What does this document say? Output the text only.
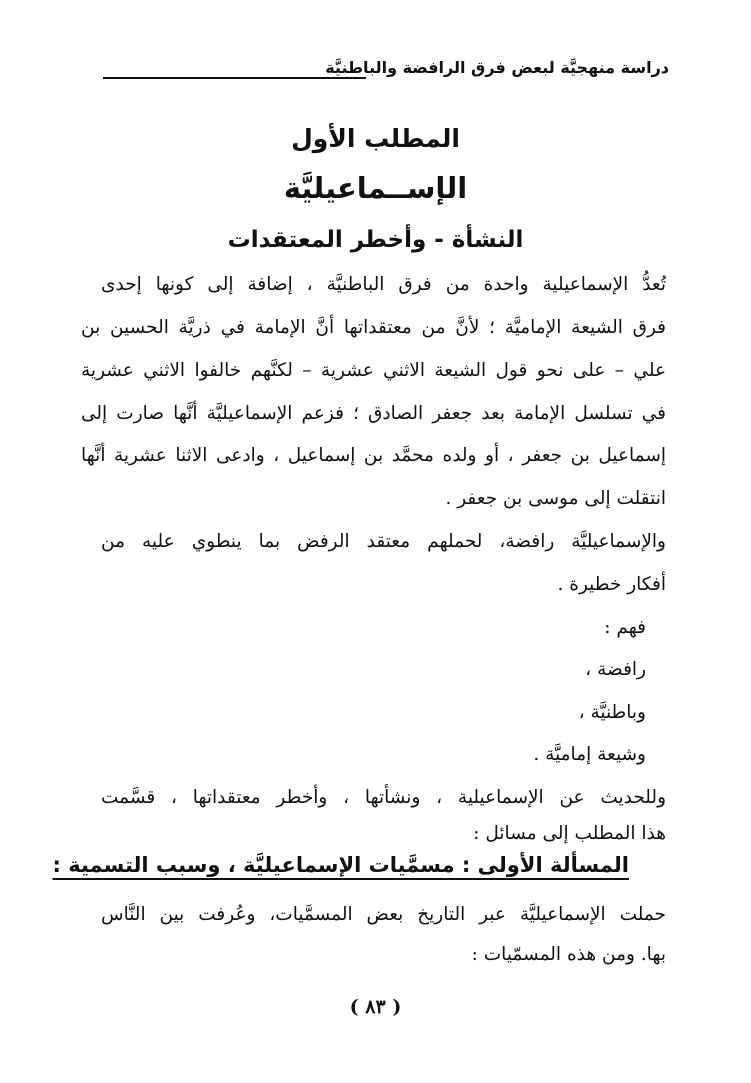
دراسة منهجيَّة لبعض فرق الرافضة والباطنيَّة
المطلب الأول
الإســماعيليَّة
النشأة - وأخطر المعتقدات
تُعدُّ الإسماعيلية واحدة من فرق الباطنيَّة ، إضافة إلى كونها إحدى
فرق الشيعة الإماميَّة ؛ لأنَّ من معتقداتها أنَّ الإمامة في ذريَّة الحسين بن
علي – على نحو قول الشيعة الاثني عشرية – لكنَّهم خالفوا الاثني عشرية
في تسلسل الإمامة بعد جعفر الصادق ؛ فزعم الإسماعيليَّة أنَّها صارت إلى
إسماعيل بن جعفر ، أو ولده محمَّد بن إسماعيل ، وادعى الاثنا عشرية أنَّها
انتقلت إلى موسى بن جعفر .
والإسماعيليَّة رافضة، لحملهم معتقد الرفض بما ينطوي عليه من
أفكار خطيرة .
فهم :
رافضة ،
وباطنيَّة ،
وشيعة إماميَّة .
وللحديث عن الإسماعيلية ، ونشأتها ، وأخطر معتقداتها ، قسَّمت
هذا المطلب إلى مسائل :
المسألة الأولى : مسمَّيات الإسماعيليَّة ، وسبب التسمية :
حملت الإسماعيليَّة عبر التاريخ بعض المسمَّيات، وعُرفت بين النَّاس
بها. ومن هذه المسمّيات :
( ٨٣ )
